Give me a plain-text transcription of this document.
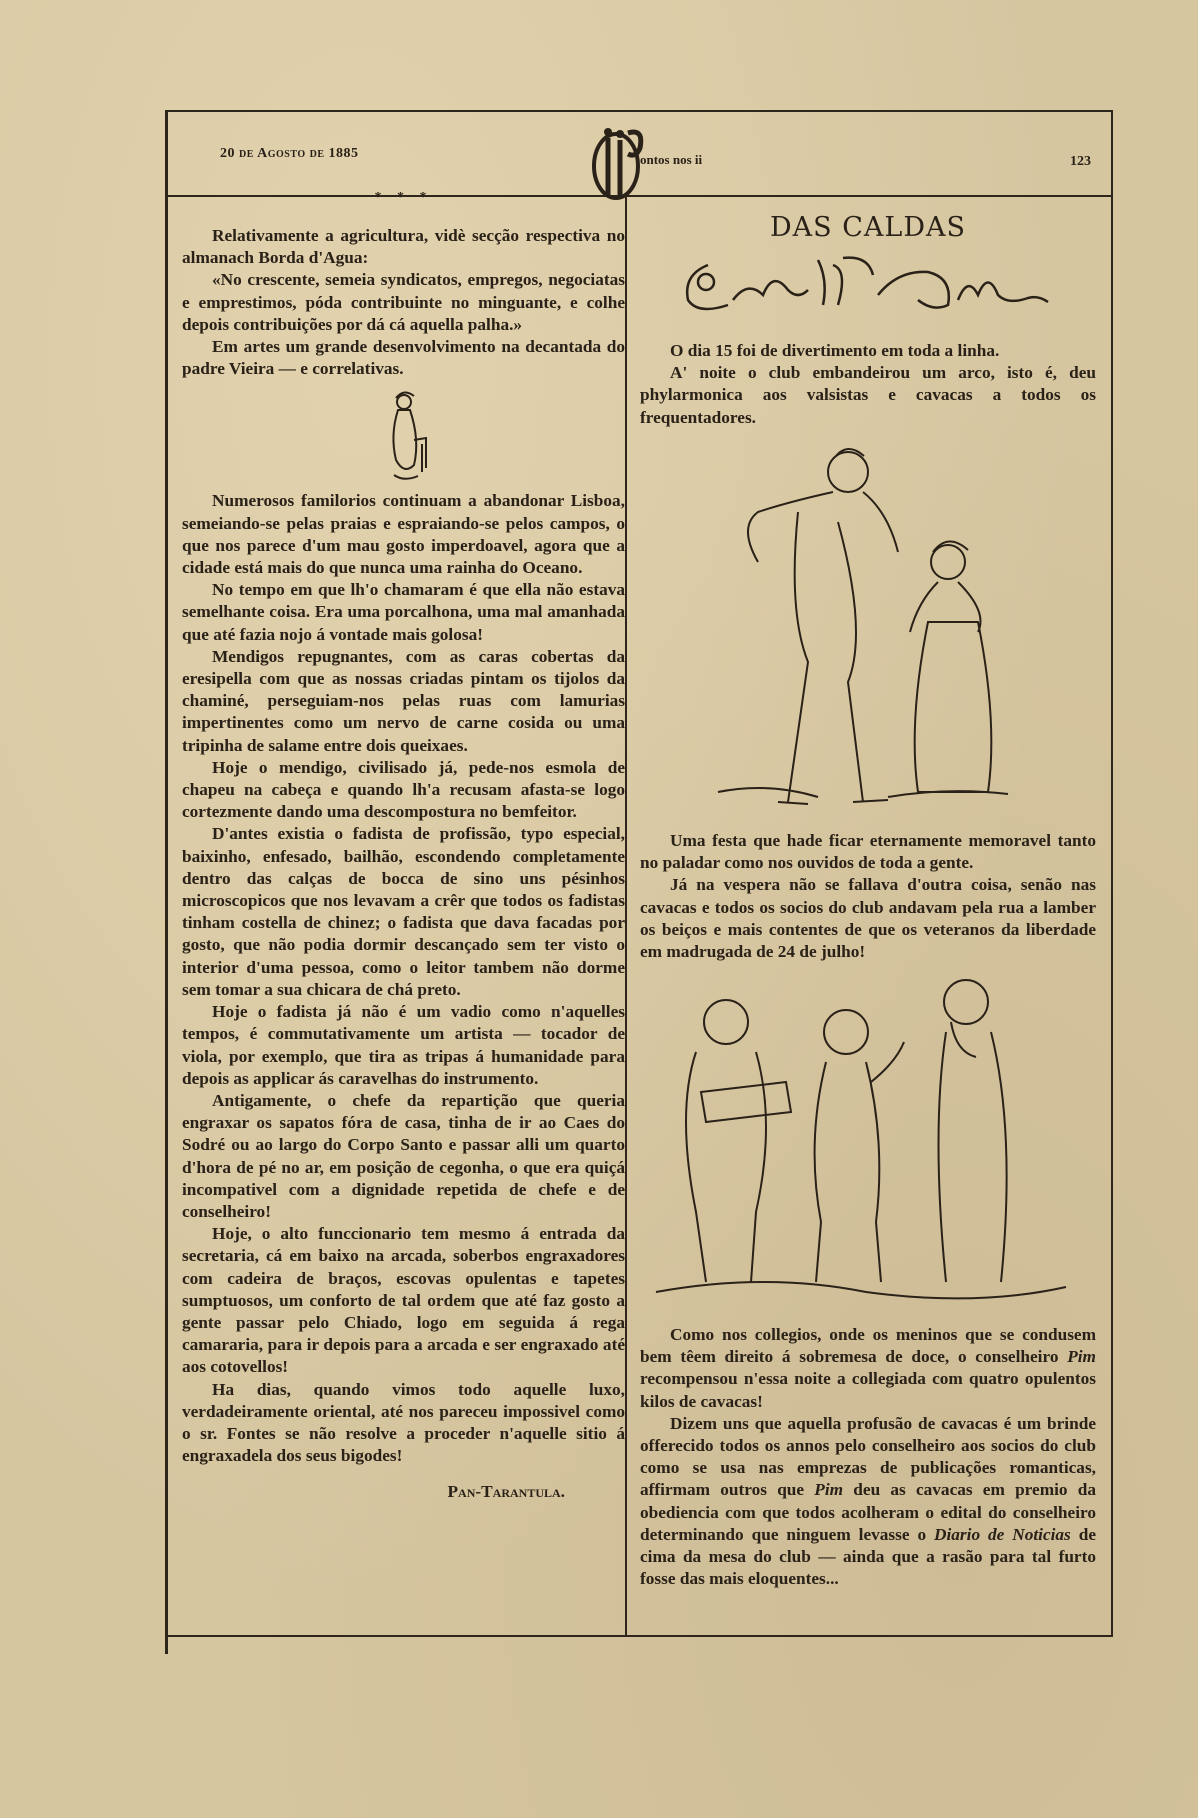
20 de Agosto de 1885	ontos nos ii	123
* * *

Relativamente a agricultura, vidè secção respectiva no almanach Borda d'Agua:

«No crescente, semeia syndicatos, empregos, negociatas e emprestimos, póda contribuinte no minguante, e colhe depois contribuições por dá cá aquella palha.»

Em artes um grande desenvolvimento na decantada do padre Vieira — e correlativas.

Numerosos familorios continuam a abandonar Lisboa, semeiando-se pelas praias e espraiando-se pelos campos, o que nos parece d'um mau gosto imperdoavel, agora que a cidade está mais do que nunca uma rainha do Oceano.

No tempo em que lh'o chamaram é que ella não estava semelhante coisa. Era uma porcalhona, uma mal amanhada que até fazia nojo á vontade mais golosa!

Mendigos repugnantes, com as caras cobertas da eresipella com que as nossas criadas pintam os tijolos da chaminé, perseguiam-nos pelas ruas com lamurias impertinentes como um nervo de carne cosida ou uma tripinha de salame entre dois queixaes.

Hoje o mendigo, civilisado já, pede-nos esmola de chapeu na cabeça e quando lh'a recusam afasta-se logo cortezmente dando uma descompostura no bemfeitor.

D'antes existia o fadista de profissão, typo especial, baixinho, enfesado, bailhão, escondendo completamente dentro das calças de bocca de sino uns pésinhos microscopicos que nos levavam a crêr que todos os fadistas tinham costella de chinez; o fadista que dava facadas por gosto, que não podia dormir descançado sem ter visto o interior d'uma pessoa, como o leitor tambem não dorme sem tomar a sua chicara de chá preto.

Hoje o fadista já não é um vadio como n'aquelles tempos, é commutativamente um artista — tocador de viola, por exemplo, que tira as tripas á humanidade para depois as applicar ás caravelhas do instrumento.

Antigamente, o chefe da repartição que queria engraxar os sapatos fóra de casa, tinha de ir ao Caes do Sodré ou ao largo do Corpo Santo e passar alli um quarto d'hora de pé no ar, em posição de cegonha, o que era quiçá incompativel com a dignidade repetida de chefe e de conselheiro!

Hoje, o alto funccionario tem mesmo á entrada da secretaria, cá em baixo na arcada, soberbos engraxadores com cadeira de braços, escovas opulentas e tapetes sumptuosos, um conforto de tal ordem que até faz gosto a gente passar pelo Chiado, logo em seguida á rega camararia, para ir depois para a arcada e ser engraxado até aos cotovellos!

Ha dias, quando vimos todo aquelle luxo, verdadeiramente oriental, até nos pareceu impossivel como o sr. Fontes se não resolve a proceder n'aquelle sitio á engraxadela dos seus bigodes!

Pan-Tarantula.

DAS CALDAS

O dia 15 foi de divertimento em toda a linha.

A' noite o club embandeirou um arco, isto é, deu phylarmonica aos valsistas e cavacas a todos os frequentadores.

Uma festa que hade ficar eternamente memoravel tanto no paladar como nos ouvidos de toda a gente.

Já na vespera não se fallava d'outra coisa, senão nas cavacas e todos os socios do club andavam pela rua a lamber os beiços e mais contentes de que os veteranos da liberdade em madrugada de 24 de julho!

Como nos collegios, onde os meninos que se condusem bem têem direito á sobremesa de doce, o conselheiro Pim recompensou n'essa noite a collegiada com quatro opulentos kilos de cavacas!

Dizem uns que aquella profusão de cavacas é um brinde offerecido todos os annos pelo conselheiro aos socios do club como se usa nas emprezas de publicações romanticas, affirmam outros que Pim deu as cavacas em premio da obediencia com que todos acolheram o edital do conselheiro determinando que ninguem levasse o Diario de Noticias de cima da mesa do club — ainda que a rasão para tal furto fosse das mais eloquentes...
